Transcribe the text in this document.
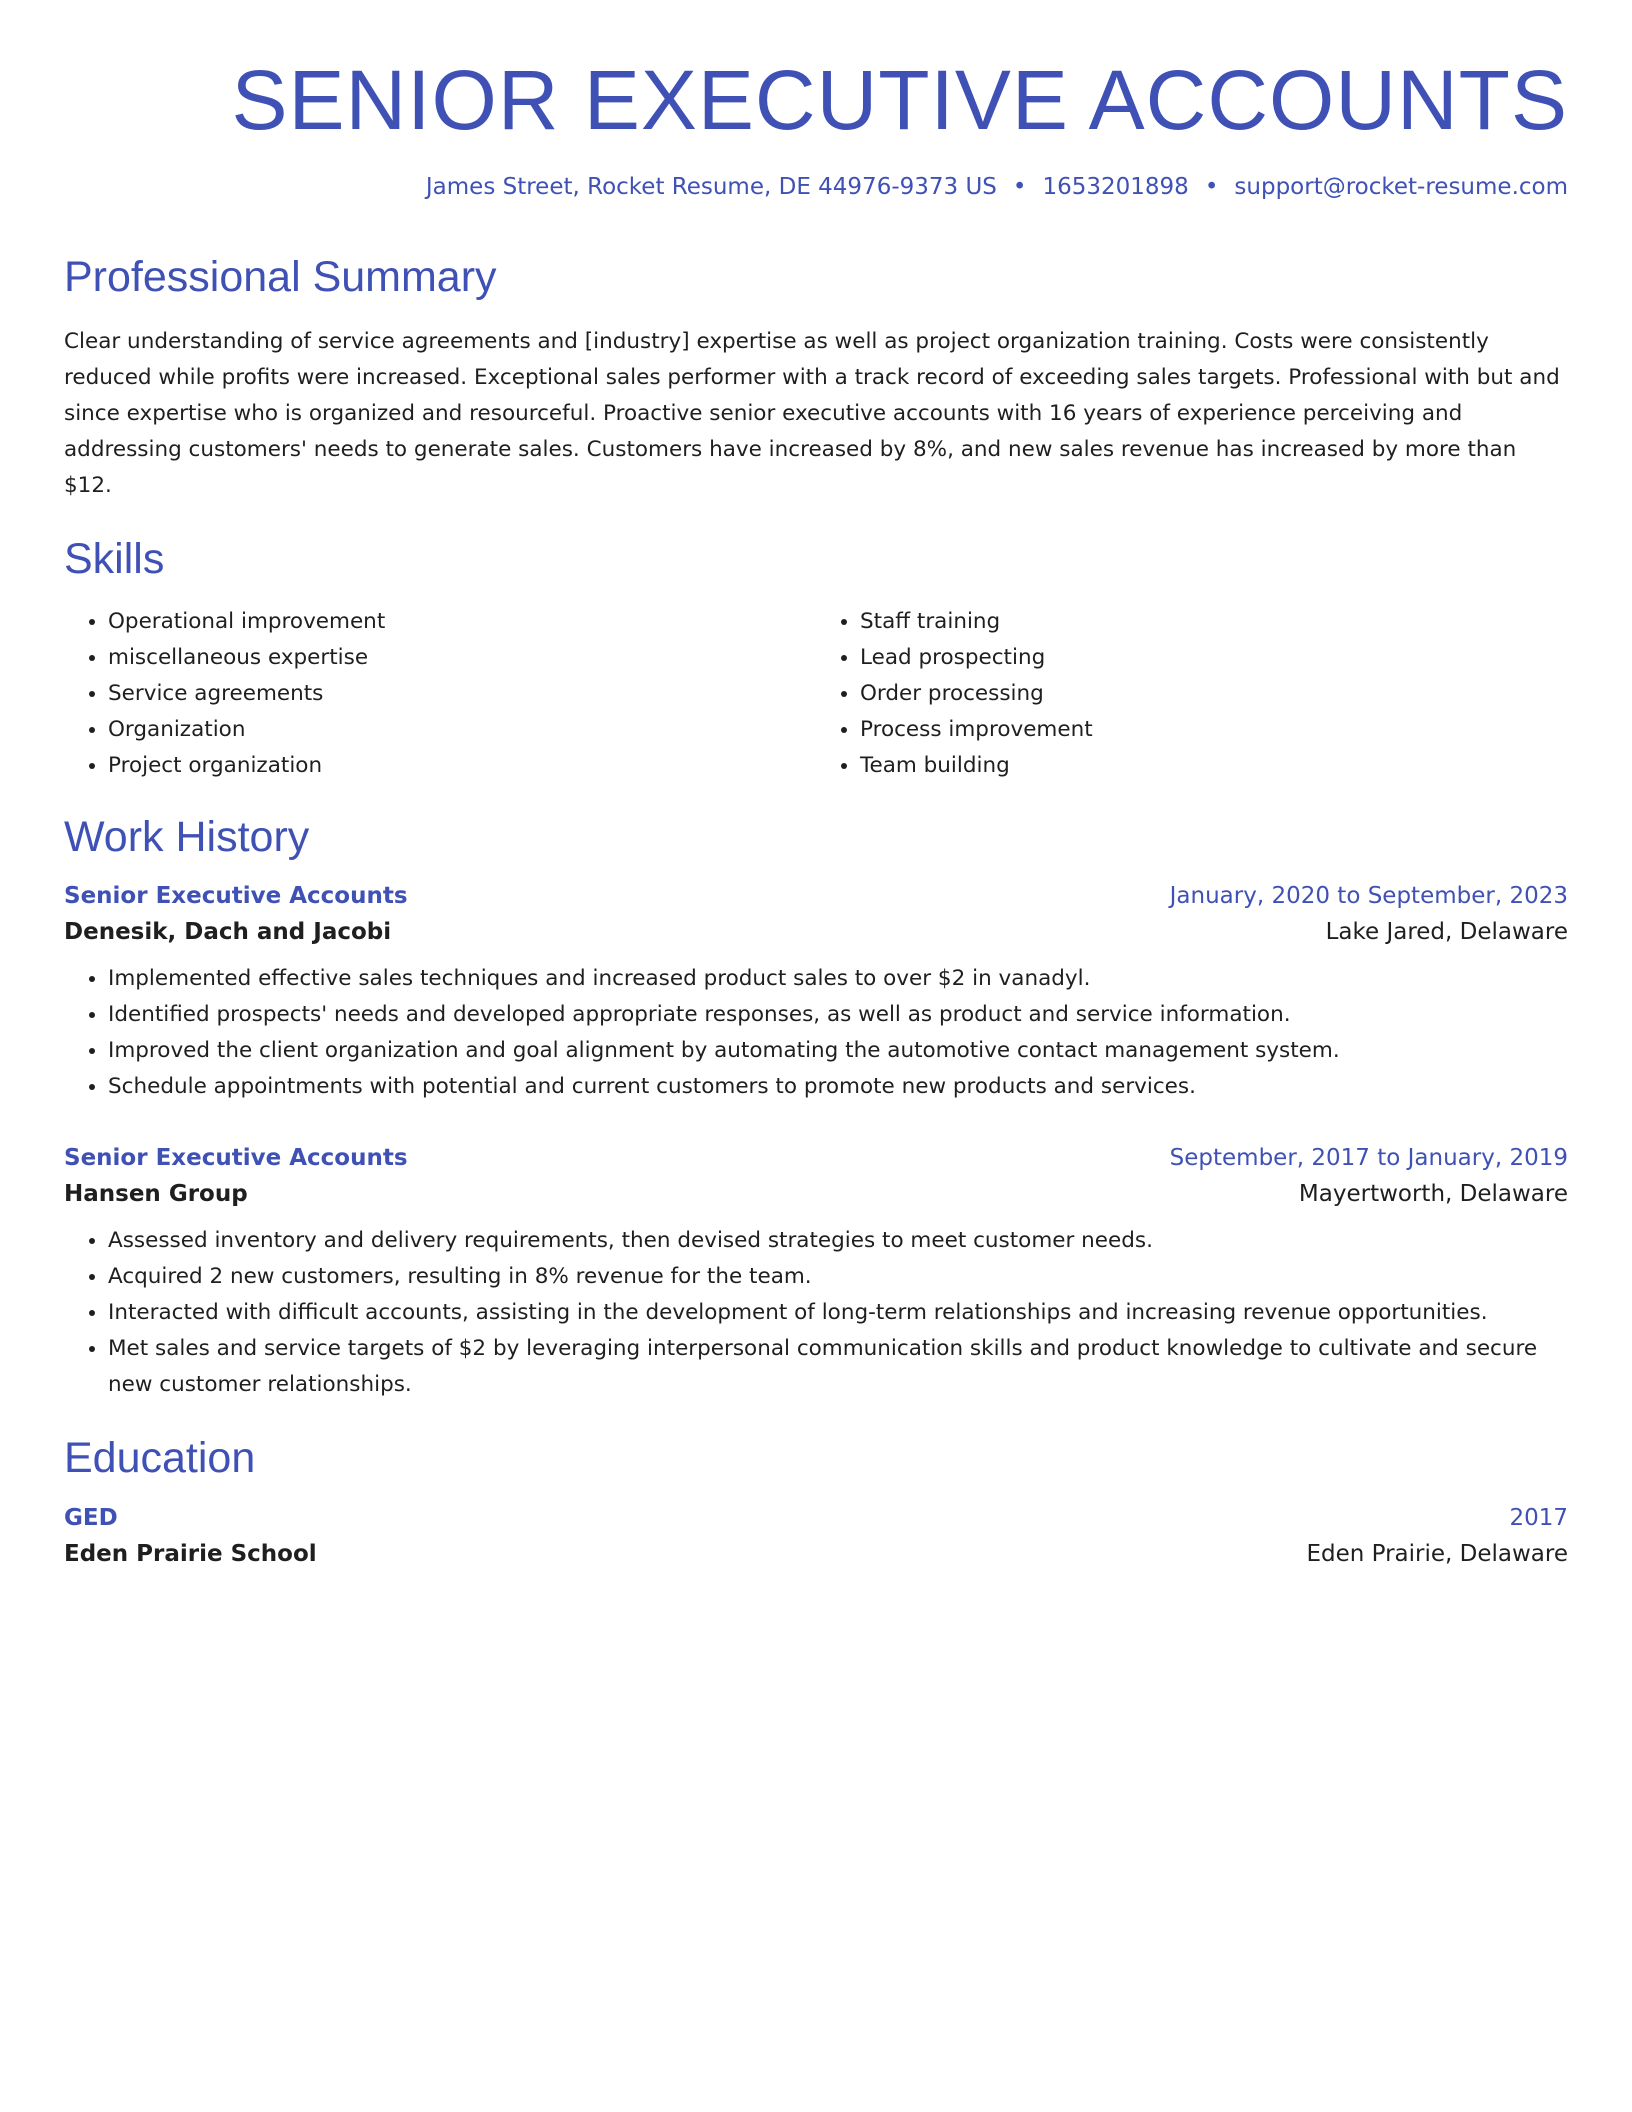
SENIOR EXECUTIVE ACCOUNTS
James Street, Rocket Resume, DE 44976-9373 US • 1653201898 • support@rocket-resume.com
Professional Summary

Clear understanding of service agreements and [industry] expertise as well as project organization training. Costs were consistently reduced while profits were increased. Exceptional sales performer with a track record of exceeding sales targets. Professional with but and since expertise who is organized and resourceful. Proactive senior executive accounts with 16 years of experience perceiving and addressing customers' needs to generate sales. Customers have increased by 8%, and new sales revenue has increased by more than $12.

Skills
• Operational improvement
• miscellaneous expertise
• Service agreements
• Organization
• Project organization
• Staff training
• Lead prospecting
• Order processing
• Process improvement
• Team building
Work History
Senior Executive Accounts	January, 2020 to September, 2023
Denesik, Dach and Jacobi	Lake Jared, Delaware
• Implemented effective sales techniques and increased product sales to over $2 in vanadyl.
• Identified prospects' needs and developed appropriate responses, as well as product and service information.
• Improved the client organization and goal alignment by automating the automotive contact management system.
• Schedule appointments with potential and current customers to promote new products and services.
Senior Executive Accounts	September, 2017 to January, 2019
Hansen Group	Mayertworth, Delaware
• Assessed inventory and delivery requirements, then devised strategies to meet customer needs.
• Acquired 2 new customers, resulting in 8% revenue for the team.
• Interacted with difficult accounts, assisting in the development of long-term relationships and increasing revenue opportunities.
• Met sales and service targets of $2 by leveraging interpersonal communication skills and product knowledge to cultivate and secure new customer relationships.
Education
GED	2017
Eden Prairie School	Eden Prairie, Delaware
